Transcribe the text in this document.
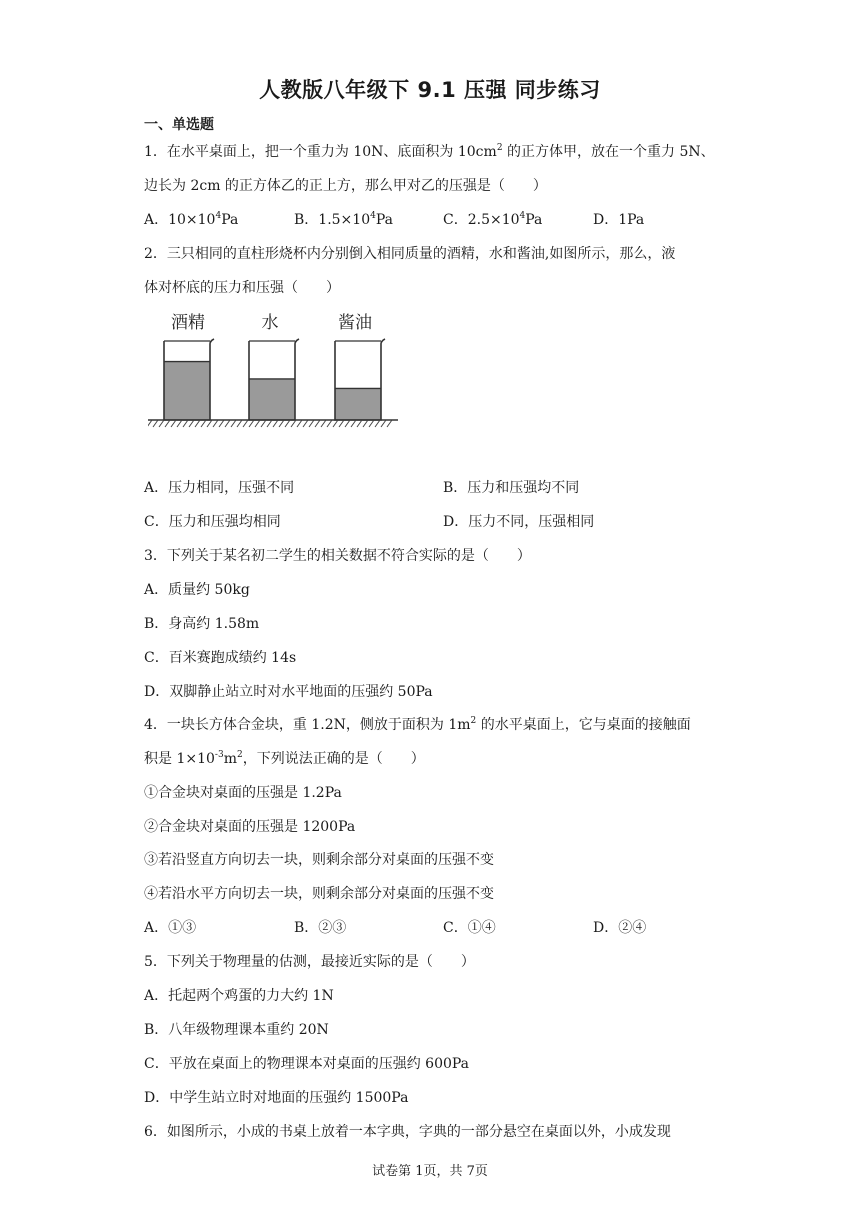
人教版八年级下 9.1 压强 同步练习
一、单选题
1．在水平桌面上，把一个重力为 10N、底面积为 $10cm^2$ 的正方体甲，放在一个重力 5N、
边长为 2cm 的正方体乙的正上方，那么甲对乙的压强是（　　）
A．$10\times 10^4Pa$	B．$1.5\times 10^4Pa$	C．$2.5\times 10^4Pa$	D．1Pa
2．三只相同的直柱形烧杯内分别倒入相同质量的酒精，水和酱油,如图所示，那么，液
体对杯底的压力和压强（　　）
酒精	水	酱油
A．压力相同，压强不同	B．压力和压强均不同
C．压力和压强均相同	D．压力不同，压强相同
3．下列关于某名初二学生的相关数据不符合实际的是（　　）
A．质量约 50kg
B．身高约 1.58m
C．百米赛跑成绩约 14s
D．双脚静止站立时对水平地面的压强约 50Pa
4．一块长方体合金块，重 1.2N，侧放于面积为 $1m^2$ 的水平桌面上，它与桌面的接触面
积是 $1\times 10^{-3}m^2$，下列说法正确的是（　　）
①合金块对桌面的压强是 1.2Pa
②合金块对桌面的压强是 1200Pa
③若沿竖直方向切去一块，则剩余部分对桌面的压强不变
④若沿水平方向切去一块，则剩余部分对桌面的压强不变
A．①③	B．②③	C．①④	D．②④
5．下列关于物理量的估测，最接近实际的是（　　）
A．托起两个鸡蛋的力大约 1N
B．八年级物理课本重约 20N
C．平放在桌面上的物理课本对桌面的压强约 600Pa
D．中学生站立时对地面的压强约 1500Pa
6．如图所示，小成的书桌上放着一本字典，字典的一部分悬空在桌面以外，小成发现
试卷第 1页，共 7页
